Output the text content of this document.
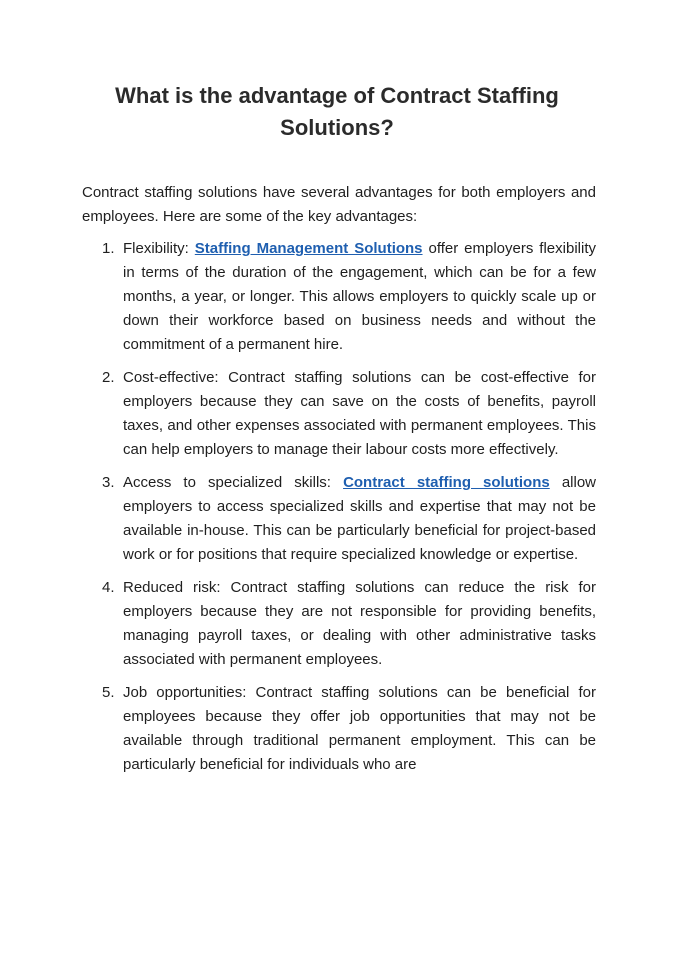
What is the advantage of Contract Staffing Solutions?

Contract staffing solutions have several advantages for both employers and employees. Here are some of the key advantages:

1. Flexibility: Staffing Management Solutions offer employers flexibility in terms of the duration of the engagement, which can be for a few months, a year, or longer. This allows employers to quickly scale up or down their workforce based on business needs and without the commitment of a permanent hire.
2. Cost-effective: Contract staffing solutions can be cost-effective for employers because they can save on the costs of benefits, payroll taxes, and other expenses associated with permanent employees. This can help employers to manage their labour costs more effectively.
3. Access to specialized skills: Contract staffing solutions allow employers to access specialized skills and expertise that may not be available in-house. This can be particularly beneficial for project-based work or for positions that require specialized knowledge or expertise.
4. Reduced risk: Contract staffing solutions can reduce the risk for employers because they are not responsible for providing benefits, managing payroll taxes, or dealing with other administrative tasks associated with permanent employees.
5. Job opportunities: Contract staffing solutions can be beneficial for employees because they offer job opportunities that may not be available through traditional permanent employment. This can be particularly beneficial for individuals who are
